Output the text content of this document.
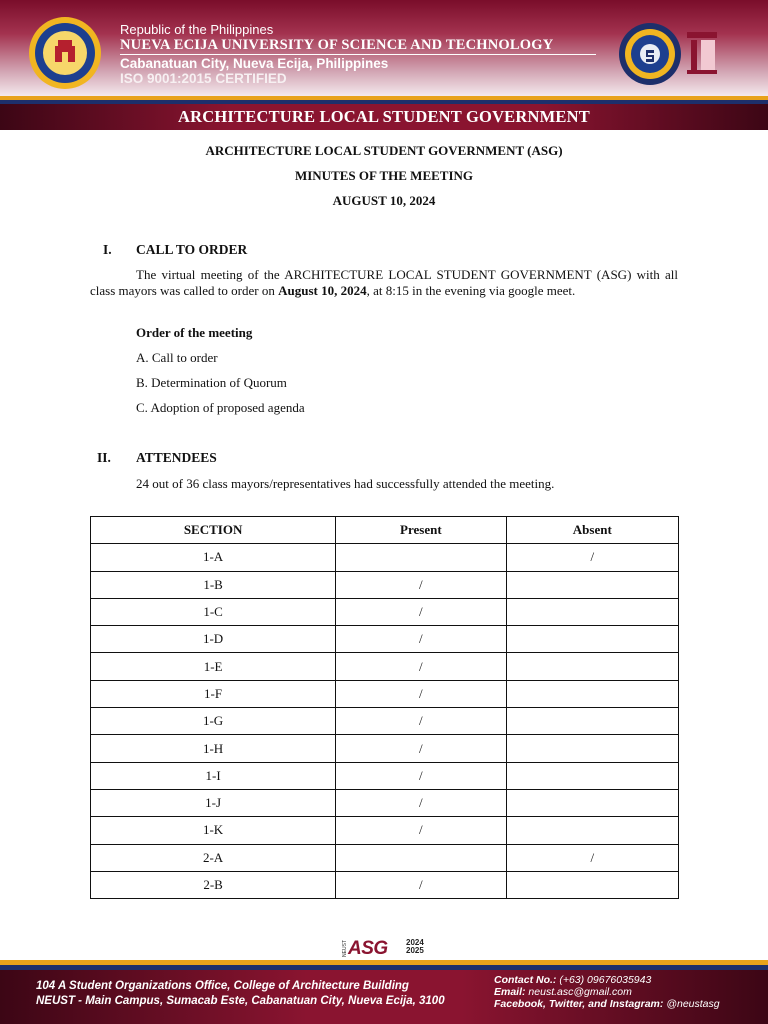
Republic of the Philippines
NUEVA ECIJA UNIVERSITY OF SCIENCE AND TECHNOLOGY
Cabanatuan City, Nueva Ecija, Philippines
ISO 9001:2015 CERTIFIED
ARCHITECTURE LOCAL STUDENT GOVERNMENT
ARCHITECTURE LOCAL STUDENT GOVERNMENT (ASG)
MINUTES OF THE MEETING
AUGUST 10, 2024
I. CALL TO ORDER
The virtual meeting of the ARCHITECTURE LOCAL STUDENT GOVERNMENT (ASG) with all class mayors was called to order on August 10, 2024, at 8:15 in the evening via google meet.
Order of the meeting
A. Call to order
B. Determination of Quorum
C. Adoption of proposed agenda
II. ATTENDEES
24 out of 36 class mayors/representatives had successfully attended the meeting.
SECTION	Present	Absent
1-A		/
1-B	/	
1-C	/	
1-D	/	
1-E	/	
1-F	/	
1-G	/	
1-H	/	
1-I	/	
1-J	/	
1-K	/	
2-A		/
2-B	/	
NEUST ASG 2024
2025
104 A Student Organizations Office, College of Architecture Building
NEUST - Main Campus, Sumacab Este, Cabanatuan City, Nueva Ecija, 3100
Contact No.: (+63) 09676035943
Email: neust.asc@gmail.com
Facebook, Twitter, and Instagram: @neustasg
